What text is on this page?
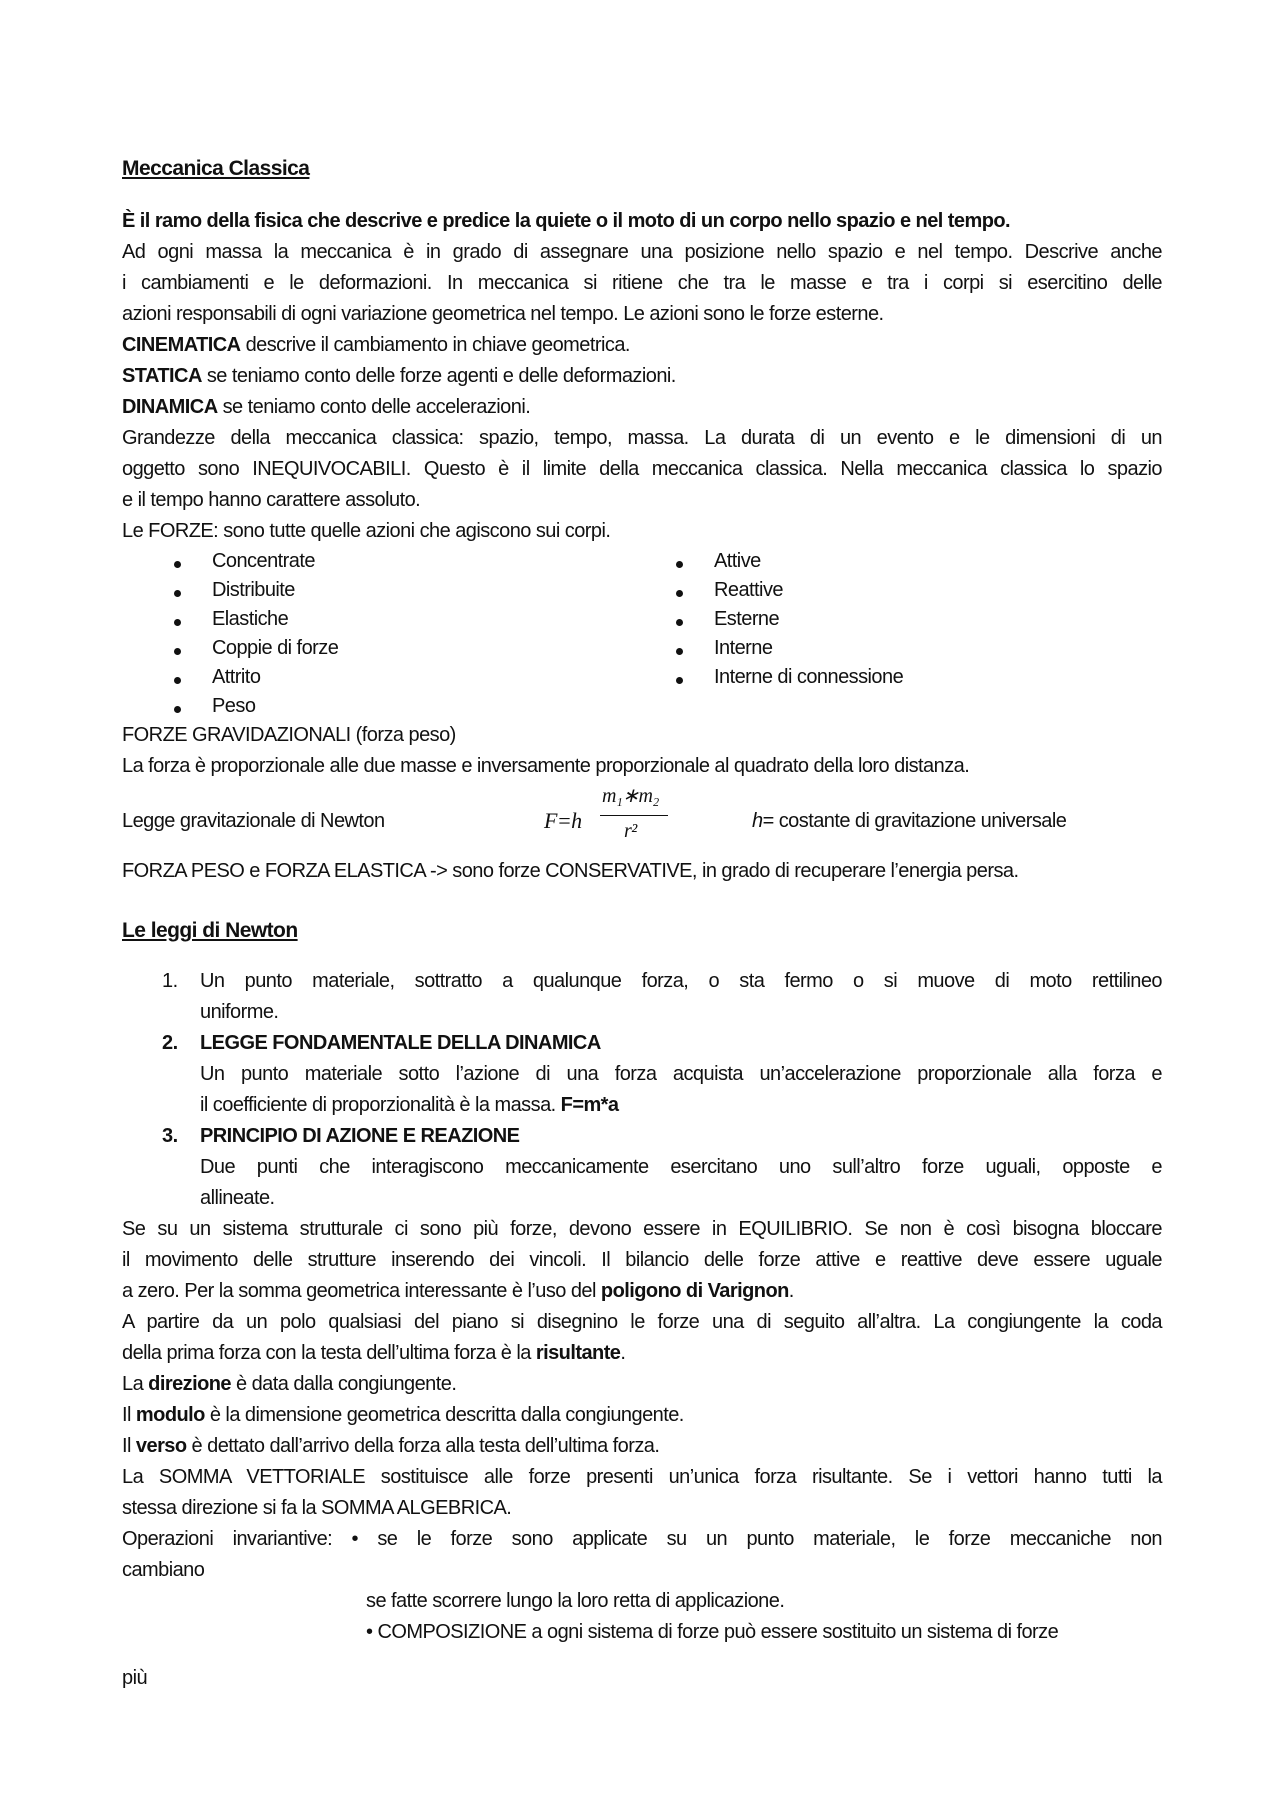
Meccanica Classica
È il ramo della fisica che descrive e predice la quiete o il moto di un corpo nello spazio e nel tempo.
Ad ogni massa la meccanica è in grado di assegnare una posizione nello spazio e nel tempo. Descrive anche
i cambiamenti e le deformazioni. In meccanica si ritiene che tra le masse e tra i corpi si esercitino delle
azioni responsabili di ogni variazione geometrica nel tempo. Le azioni sono le forze esterne.
CINEMATICA descrive il cambiamento in chiave geometrica.
STATICA se teniamo conto delle forze agenti e delle deformazioni.
DINAMICA se teniamo conto delle accelerazioni.
Grandezze della meccanica classica: spazio, tempo, massa. La durata di un evento e le dimensioni di un
oggetto sono INEQUIVOCABILI. Questo è il limite della meccanica classica. Nella meccanica classica lo spazio
e il tempo hanno carattere assoluto.
Le FORZE: sono tutte quelle azioni che agiscono sui corpi.
Concentrate
Distribuite
Elastiche
Coppie di forze
Attrito
Peso
Attive
Reattive
Esterne
Interne
Interne di connessione
FORZE GRAVIDAZIONALI (forza peso)
La forza è proporzionale alle due masse e inversamente proporzionale al quadrato della loro distanza.
Legge gravitazionale di Newton	F=h
m₁∗m₂
r²	h= costante di gravitazione universale
FORZA PESO e FORZA ELASTICA -> sono forze CONSERVATIVE, in grado di recuperare l’energia persa.
Le leggi di Newton
1. Un punto materiale, sottratto a qualunque forza, o sta fermo o si muove di moto rettilineo
uniforme.
2. LEGGE FONDAMENTALE DELLA DINAMICA
Un punto materiale sotto l’azione di una forza acquista un’accelerazione proporzionale alla forza e
il coefficiente di proporzionalità è la massa. F=m*a
3. PRINCIPIO DI AZIONE E REAZIONE
Due punti che interagiscono meccanicamente esercitano uno sull’altro forze uguali, opposte e
allineate.
Se su un sistema strutturale ci sono più forze, devono essere in EQUILIBRIO. Se non è così bisogna bloccare
il movimento delle strutture inserendo dei vincoli. Il bilancio delle forze attive e reattive deve essere uguale
a zero. Per la somma geometrica interessante è l’uso del poligono di Varignon.
A partire da un polo qualsiasi del piano si disegnino le forze una di seguito all’altra. La congiungente la coda
della prima forza con la testa dell’ultima forza è la risultante.
La direzione è data dalla congiungente.
Il modulo è la dimensione geometrica descritta dalla congiungente.
Il verso è dettato dall’arrivo della forza alla testa dell’ultima forza.
La SOMMA VETTORIALE sostituisce alle forze presenti un’unica forza risultante. Se i vettori hanno tutti la
stessa direzione si fa la SOMMA ALGEBRICA.
Operazioni invariantive: • se le forze sono applicate su un punto materiale, le forze meccaniche non
cambiano
se fatte scorrere lungo la loro retta di applicazione.
• COMPOSIZIONE a ogni sistema di forze può essere sostituito un sistema di forze
più
